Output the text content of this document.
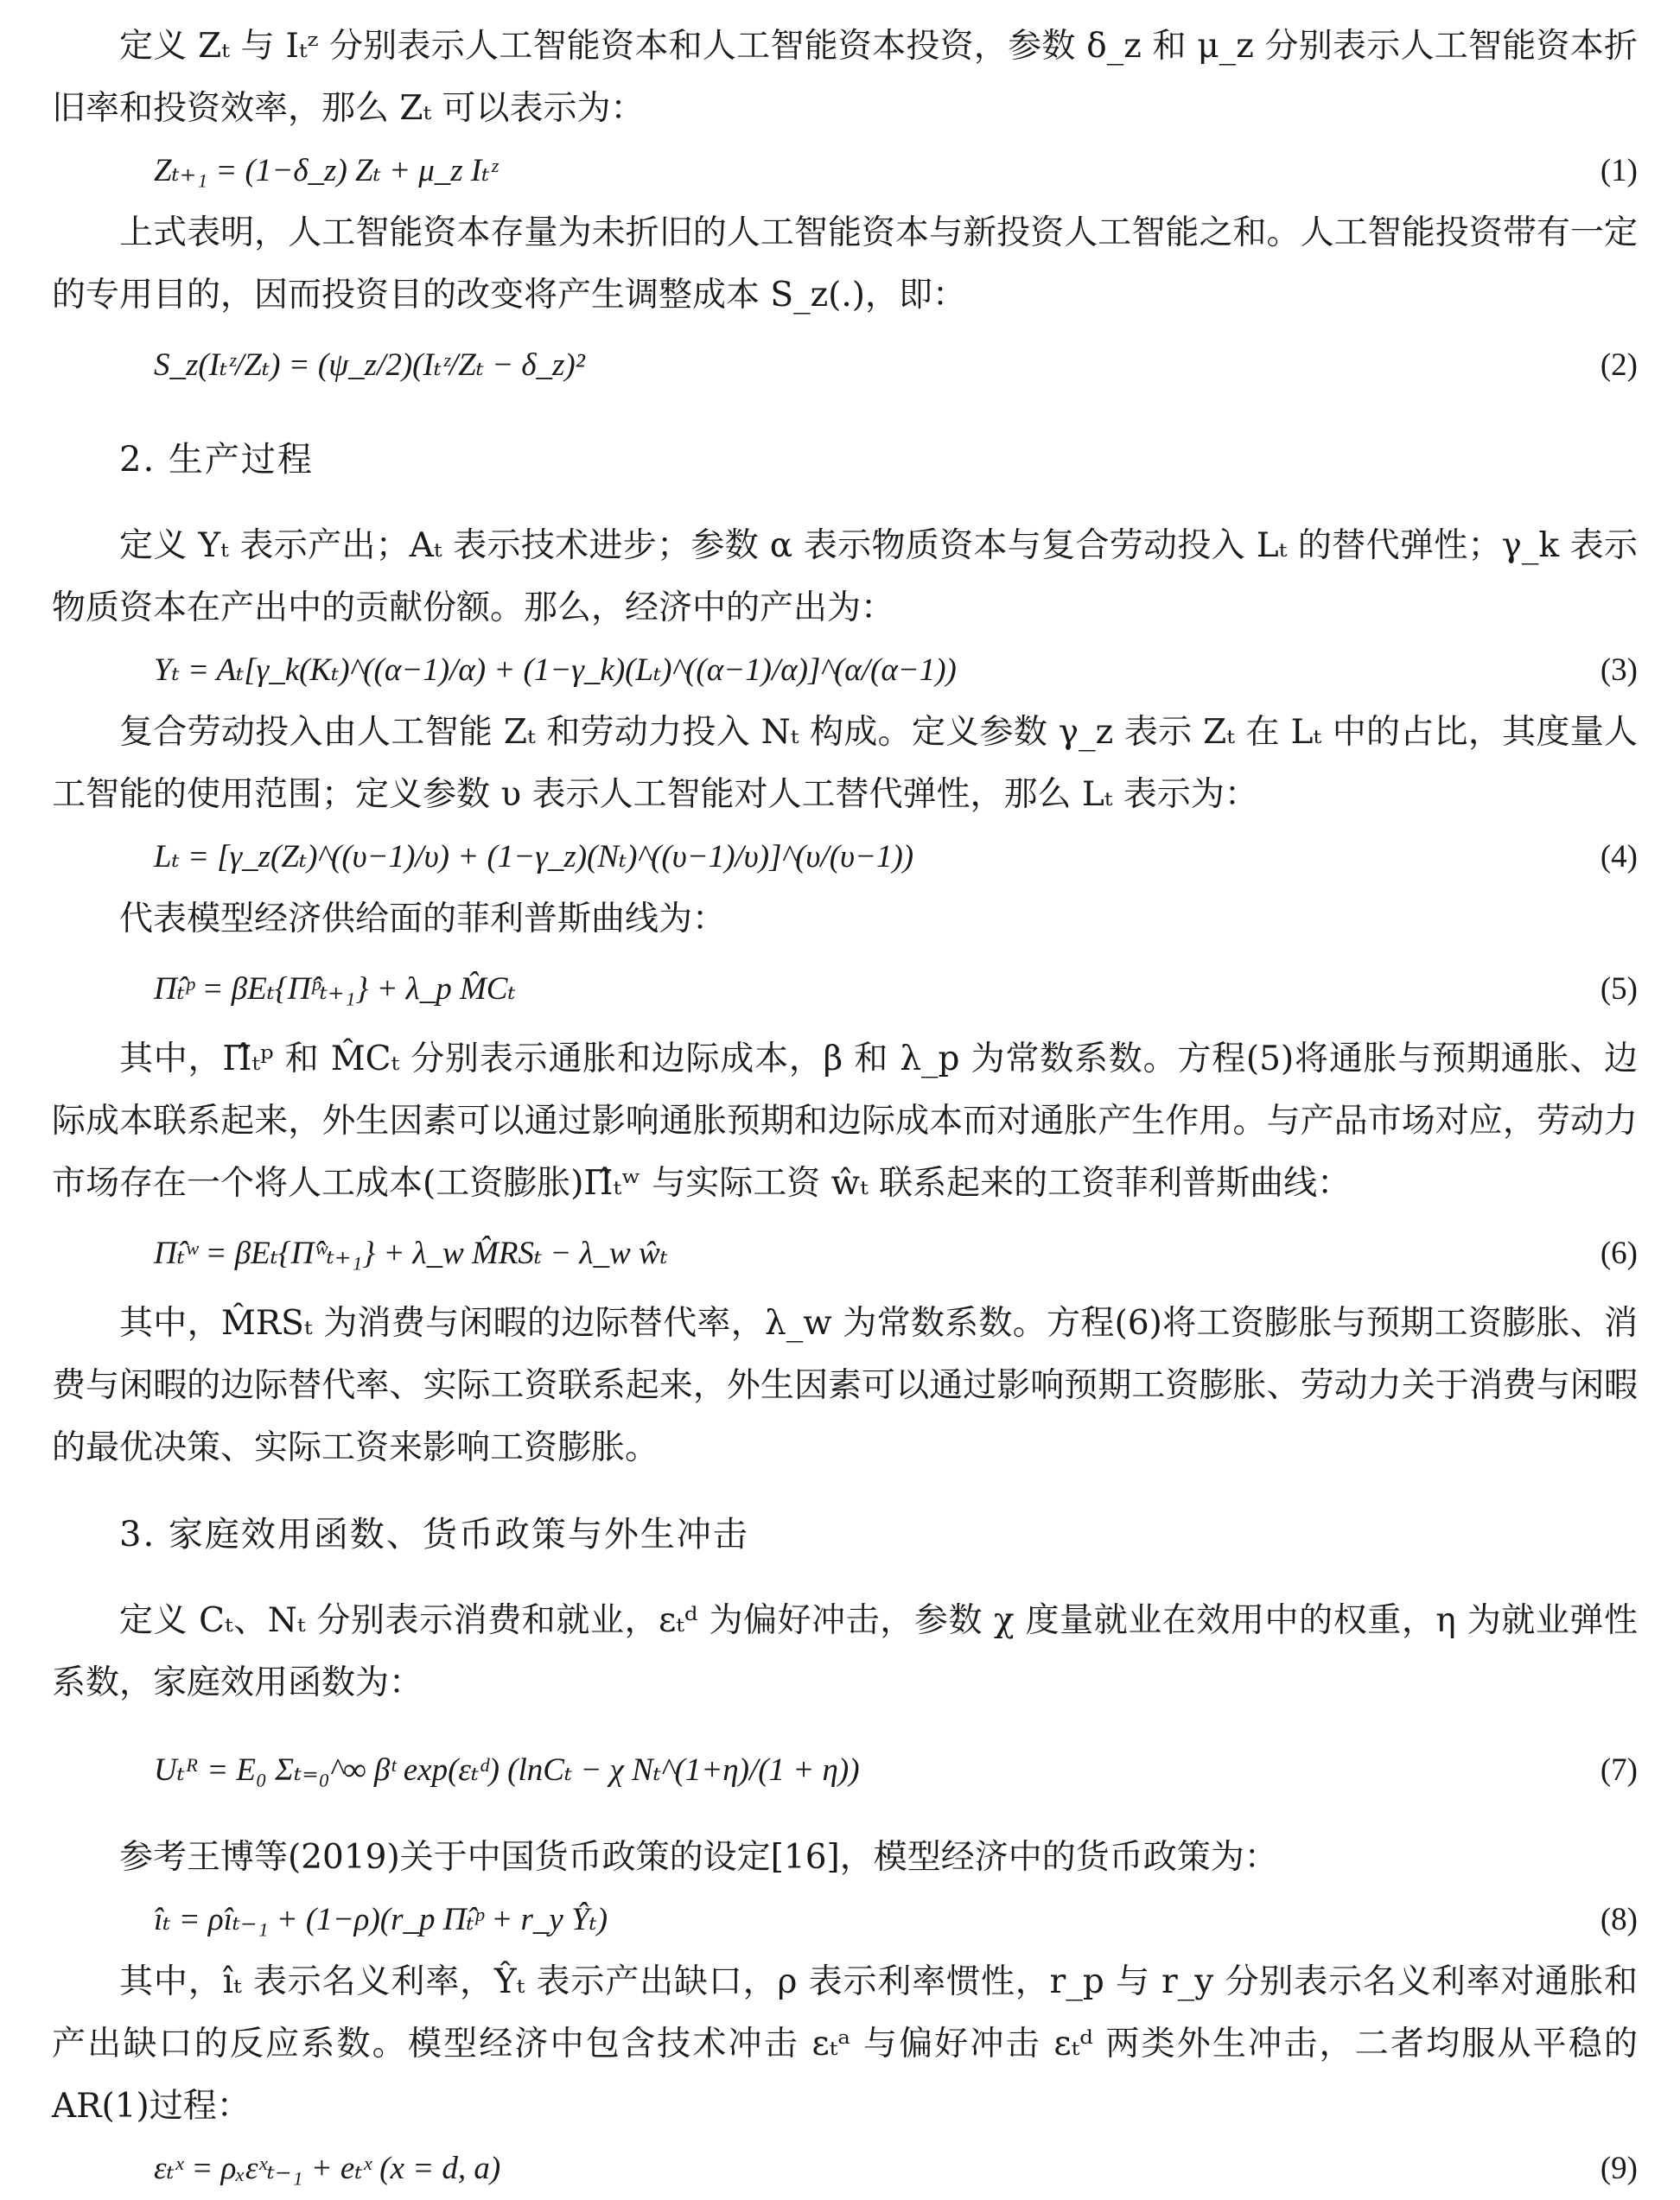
定义 Zₜ 与 Iₜᶻ 分别表示人工智能资本和人工智能资本投资，参数 δ_z 和 μ_z 分别表示人工智能资本折旧率和投资效率，那么 Zₜ 可以表示为：

Zₜ₊₁ = (1−δ_z) Zₜ + μ_z Iₜᶻ	(1)

上式表明，人工智能资本存量为未折旧的人工智能资本与新投资人工智能之和。人工智能投资带有一定的专用目的，因而投资目的改变将产生调整成本 S_z(.)，即：

S_z(Iₜᶻ/Zₜ) = (ψ_z/2)(Iₜᶻ/Zₜ − δ_z)²	(2)
2. 生产过程

定义 Yₜ 表示产出；Aₜ 表示技术进步；参数 α 表示物质资本与复合劳动投入 Lₜ 的替代弹性；γ_k 表示物质资本在产出中的贡献份额。那么，经济中的产出为：

Yₜ = Aₜ[γ_k(Kₜ)^((α−1)/α) + (1−γ_k)(Lₜ)^((α−1)/α)]^(α/(α−1))	(3)

复合劳动投入由人工智能 Zₜ 和劳动力投入 Nₜ 构成。定义参数 γ_z 表示 Zₜ 在 Lₜ 中的占比，其度量人工智能的使用范围；定义参数 υ 表示人工智能对人工替代弹性，那么 Lₜ 表示为：

Lₜ = [γ_z(Zₜ)^((υ−1)/υ) + (1−γ_z)(Nₜ)^((υ−1)/υ)]^(υ/(υ−1))	(4)

代表模型经济供给面的菲利普斯曲线为：

Π̂ₜᵖ = βEₜ{Π̂ᵖₜ₊₁} + λ_p M̂Cₜ	(5)

其中，Π̂ₜᵖ 和 M̂Cₜ 分别表示通胀和边际成本，β 和 λ_p 为常数系数。方程(5)将通胀与预期通胀、边际成本联系起来，外生因素可以通过影响通胀预期和边际成本而对通胀产生作用。与产品市场对应，劳动力市场存在一个将人工成本(工资膨胀)Π̂ₜʷ 与实际工资 ŵₜ 联系起来的工资菲利普斯曲线：

Π̂ₜʷ = βEₜ{Π̂ʷₜ₊₁} + λ_w M̂RSₜ − λ_w ŵₜ	(6)

其中，M̂RSₜ 为消费与闲暇的边际替代率，λ_w 为常数系数。方程(6)将工资膨胀与预期工资膨胀、消费与闲暇的边际替代率、实际工资联系起来，外生因素可以通过影响预期工资膨胀、劳动力关于消费与闲暇的最优决策、实际工资来影响工资膨胀。

3. 家庭效用函数、货币政策与外生冲击

定义 Cₜ、Nₜ 分别表示消费和就业，εₜᵈ 为偏好冲击，参数 χ 度量就业在效用中的权重，η 为就业弹性系数，家庭效用函数为：

Uₜᴿ = E₀ Σₜ₌₀^∞ βᵗ exp(εₜᵈ) (lnCₜ − χ Nₜ^(1+η)/(1 + η))	(7)

参考王博等(2019)关于中国货币政策的设定[16]，模型经济中的货币政策为：

îₜ = ρîₜ₋₁ + (1−ρ)(r_p Π̂ₜᵖ + r_y Ŷₜ)	(8)

其中，îₜ 表示名义利率，Ŷₜ 表示产出缺口，ρ 表示利率惯性，r_p 与 r_y 分别表示名义利率对通胀和产出缺口的反应系数。模型经济中包含技术冲击 εₜᵃ 与偏好冲击 εₜᵈ 两类外生冲击，二者均服从平稳的 AR(1)过程：

εₜˣ = ρₓεˣₜ₋₁ + eₜˣ (x = d, a)	(9)
